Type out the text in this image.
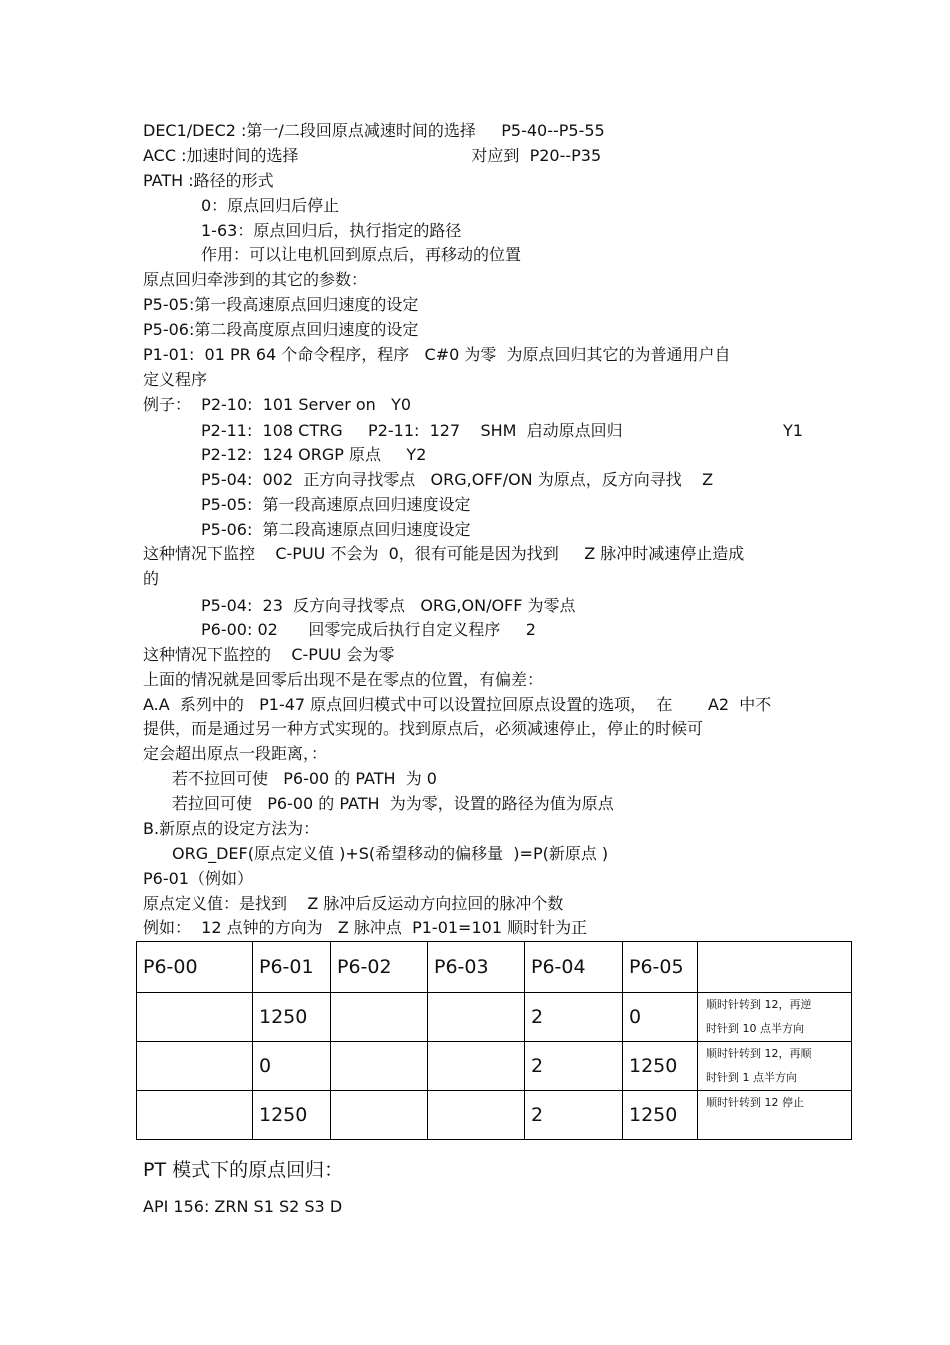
DEC1/DEC2 :第一/二段回原点减速时间的选择     P5-40--P5-55
ACC :加速时间的选择                                  对应到  P20--P35
PATH :路径的形式
0：原点回归后停止
1-63：原点回归后，执行指定的路径
作用：可以让电机回到原点后，再移动的位置
原点回归牵涉到的其它的参数：
P5-05:第一段高速原点回归速度的设定
P5-06:第二段高度原点回归速度的设定
P1-01:  01 PR 64 个命令程序，程序   C#0 为零  为原点回归其它的为普通用户自
定义程序
例子：  P2-10:  101 Server on   Y0
P2-11:  108 CTRG     P2-11:  127    SHM  启动原点回归	Y1
P2-12:  124 ORGP 原点     Y2
P5-04:  002  正方向寻找零点   ORG,OFF/ON 为原点，反方向寻找    Z
P5-05:  第一段高速原点回归速度设定
P5-06:  第二段高速原点回归速度设定
这种情况下监控    C-PUU 不会为  0，很有可能是因为找到     Z 脉冲时减速停止造成
的
P5-04:  23  反方向寻找零点   ORG,ON/OFF 为零点
P6-00: 02      回零完成后执行自定义程序     2
这种情况下监控的    C-PUU 会为零
上面的情况就是回零后出现不是在零点的位置，有偏差：
A.A  系列中的   P1-47 原点回归模式中可以设置拉回原点设置的选项，  在       A2  中不
提供，而是通过另一种方式实现的。找到原点后，必须减速停止，停止的时候可
定会超出原点一段距离，：
若不拉回可使   P6-00 的 PATH  为 0
若拉回可使   P6-00 的 PATH  为为零，设置的路径为值为原点
B.新原点的设定方法为：
ORG_DEF(原点定义值 )+S(希望移动的偏移量  )=P(新原点 )
P6-01（例如）
原点定义值：是找到    Z 脉冲后反运动方向拉回的脉冲个数
例如：  12 点钟的方向为   Z 脉冲点  P1-01=101 顺时针为正
P6-00	P6-01	P6-02	P6-03	P6-04	P6-05	
	1250			2	0	顺时针转到 12，再逆
时针到 10 点半方向

	0			2	1250	顺时针转到 12，再顺
时针到 1 点半方向

	1250			2	1250	顺时针转到 12 停止
PT 模式下的原点回归：
API 156: ZRN S1 S2 S3 D
